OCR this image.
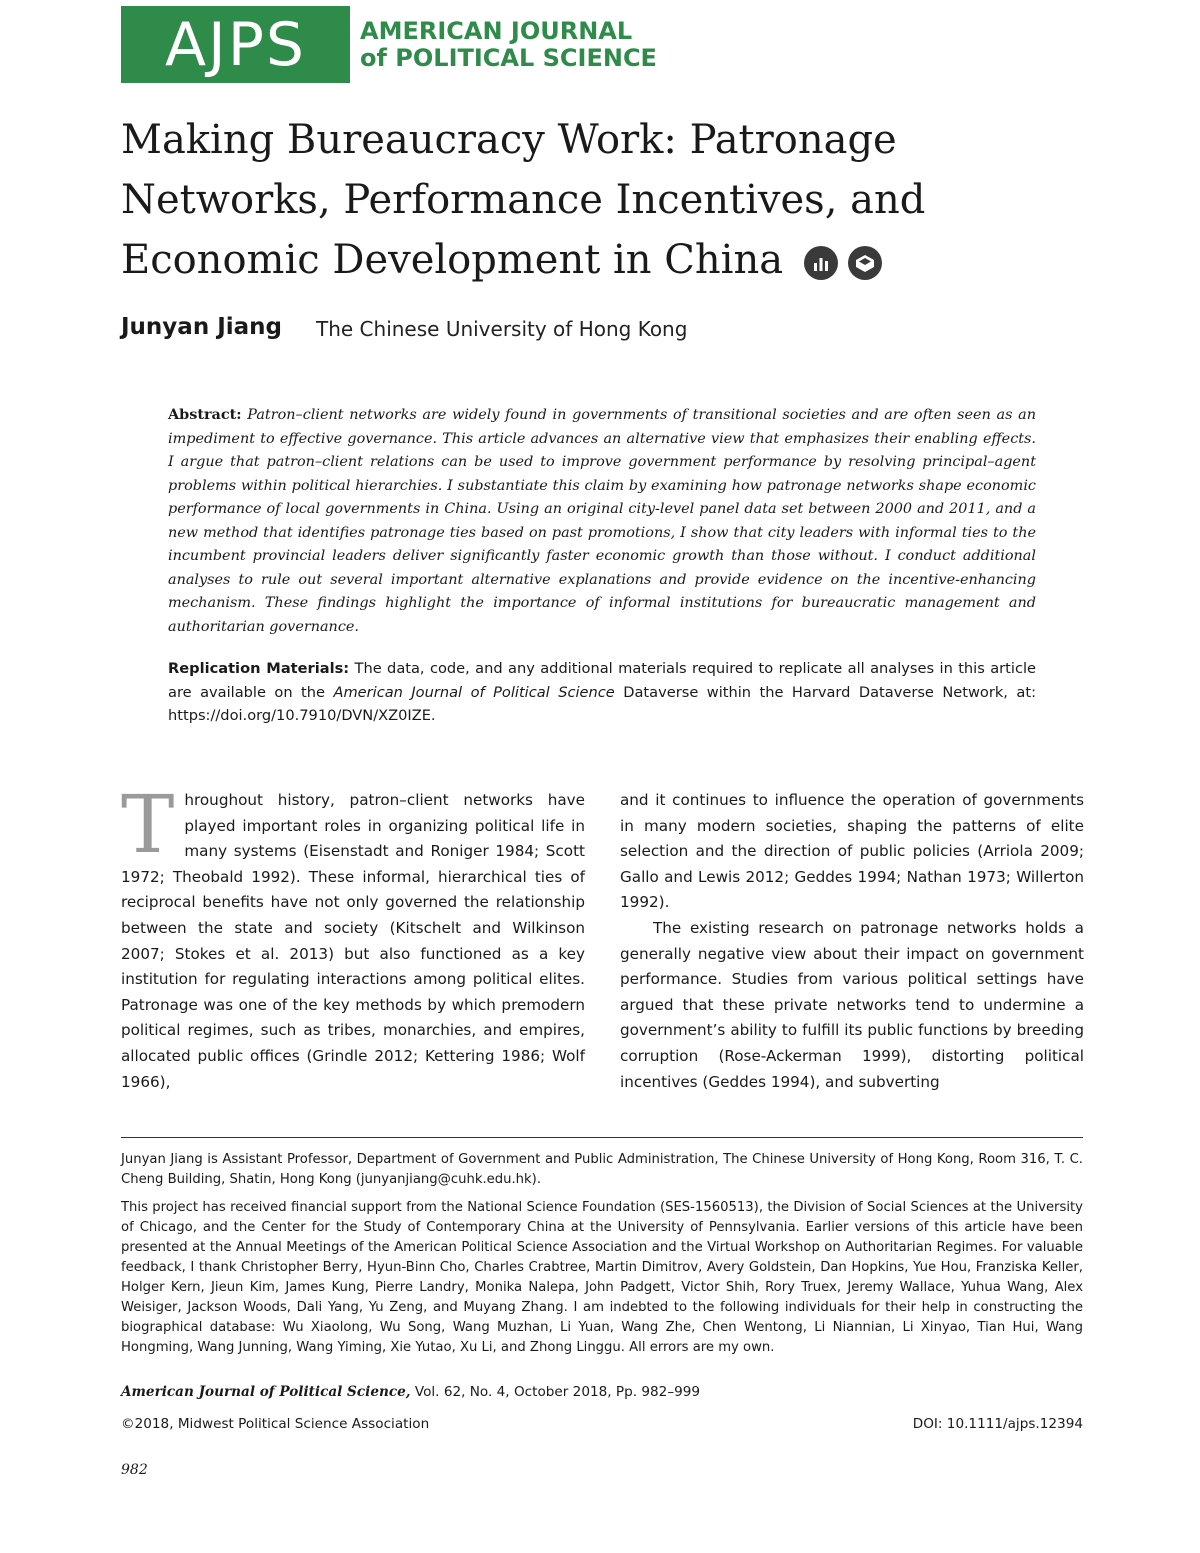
AJPS	AMERICAN JOURNAL
of POLITICAL SCIENCE
Making Bureaucracy Work: Patronage Networks, Performance Incentives, and Economic Development in China
Junyan Jiang The Chinese University of Hong Kong
Abstract: Patron–client networks are widely found in governments of transitional societies and are often seen as an impediment to effective governance. This article advances an alternative view that emphasizes their enabling effects. I argue that patron–client relations can be used to improve government performance by resolving principal–agent problems within political hierarchies. I substantiate this claim by examining how patronage networks shape economic performance of local governments in China. Using an original city-level panel data set between 2000 and 2011, and a new method that identifies patronage ties based on past promotions, I show that city leaders with informal ties to the incumbent provincial leaders deliver significantly faster economic growth than those without. I conduct additional analyses to rule out several important alternative explanations and provide evidence on the incentive-enhancing mechanism. These findings highlight the importance of informal institutions for bureaucratic management and authoritarian governance.
Replication Materials: The data, code, and any additional materials required to replicate all analyses in this article are available on the American Journal of Political Science Dataverse within the Harvard Dataverse Network, at: https://doi.org/10.7910/DVN/XZ0IZE.
Throughout history, patron–client networks have played important roles in organizing political life in many systems (Eisenstadt and Roniger 1984; Scott 1972; Theobald 1992). These informal, hierarchical ties of reciprocal benefits have not only governed the relationship between the state and society (Kitschelt and Wilkinson 2007; Stokes et al. 2013) but also functioned as a key institution for regulating interactions among political elites. Patronage was one of the key methods by which premodern political regimes, such as tribes, monarchies, and empires, allocated public offices (Grindle 2012; Kettering 1986; Wolf 1966),
and it continues to influence the operation of governments in many modern societies, shaping the patterns of elite selection and the direction of public policies (Arriola 2009; Gallo and Lewis 2012; Geddes 1994; Nathan 1973; Willerton 1992).
The existing research on patronage networks holds a generally negative view about their impact on government performance. Studies from various political settings have argued that these private networks tend to undermine a government’s ability to fulfill its public functions by breeding corruption (Rose-Ackerman 1999), distorting political incentives (Geddes 1994), and subverting
Junyan Jiang is Assistant Professor, Department of Government and Public Administration, The Chinese University of Hong Kong, Room 316, T. C. Cheng Building, Shatin, Hong Kong (junyanjiang@cuhk.edu.hk).
This project has received financial support from the National Science Foundation (SES-1560513), the Division of Social Sciences at the University of Chicago, and the Center for the Study of Contemporary China at the University of Pennsylvania. Earlier versions of this article have been presented at the Annual Meetings of the American Political Science Association and the Virtual Workshop on Authoritarian Regimes. For valuable feedback, I thank Christopher Berry, Hyun-Binn Cho, Charles Crabtree, Martin Dimitrov, Avery Goldstein, Dan Hopkins, Yue Hou, Franziska Keller, Holger Kern, Jieun Kim, James Kung, Pierre Landry, Monika Nalepa, John Padgett, Victor Shih, Rory Truex, Jeremy Wallace, Yuhua Wang, Alex Weisiger, Jackson Woods, Dali Yang, Yu Zeng, and Muyang Zhang. I am indebted to the following individuals for their help in constructing the biographical database: Wu Xiaolong, Wu Song, Wang Muzhan, Li Yuan, Wang Zhe, Chen Wentong, Li Niannian, Li Xinyao, Tian Hui, Wang Hongming, Wang Junning, Wang Yiming, Xie Yutao, Xu Li, and Zhong Linggu. All errors are my own.
American Journal of Political Science, Vol. 62, No. 4, October 2018, Pp. 982–999
©2018, Midwest Political Science Association	DOI: 10.1111/ajps.12394
982
